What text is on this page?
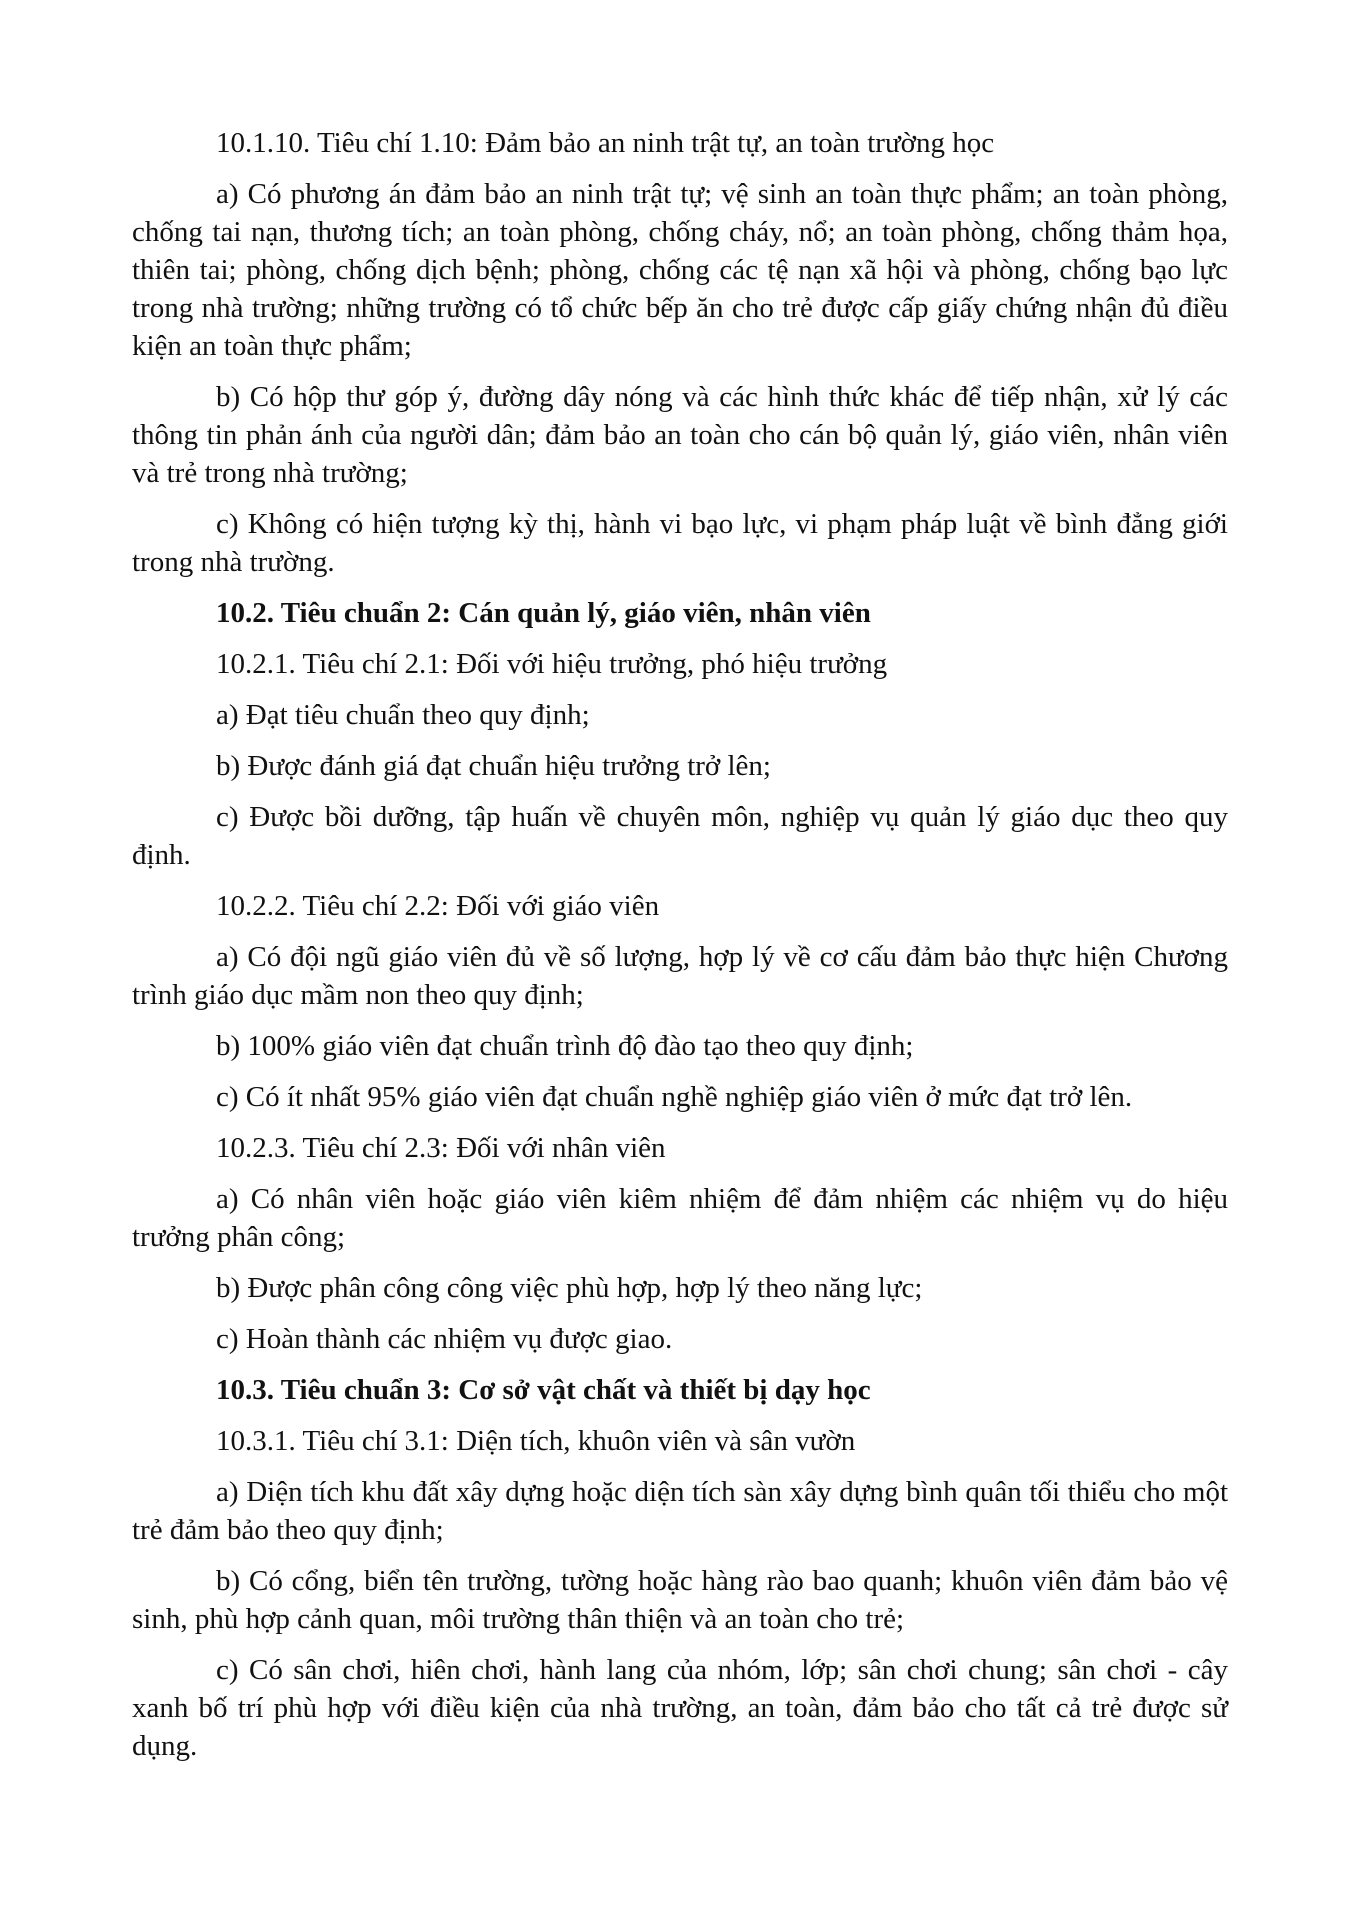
10.1.10. Tiêu chí 1.10: Đảm bảo an ninh trật tự, an toàn trường học

a) Có phương án đảm bảo an ninh trật tự; vệ sinh an toàn thực phẩm; an toàn phòng, chống tai nạn, thương tích; an toàn phòng, chống cháy, nổ; an toàn phòng, chống thảm họa, thiên tai; phòng, chống dịch bệnh; phòng, chống các tệ nạn xã hội và phòng, chống bạo lực trong nhà trường; những trường có tổ chức bếp ăn cho trẻ được cấp giấy chứng nhận đủ điều kiện an toàn thực phẩm;

b) Có hộp thư góp ý, đường dây nóng và các hình thức khác để tiếp nhận, xử lý các thông tin phản ánh của người dân; đảm bảo an toàn cho cán bộ quản lý, giáo viên, nhân viên và trẻ trong nhà trường;

c) Không có hiện tượng kỳ thị, hành vi bạo lực, vi phạm pháp luật về bình đẳng giới trong nhà trường.

10.2. Tiêu chuẩn 2: Cán quản lý, giáo viên, nhân viên

10.2.1. Tiêu chí 2.1: Đối với hiệu trưởng, phó hiệu trưởng

a) Đạt tiêu chuẩn theo quy định;

b) Được đánh giá đạt chuẩn hiệu trưởng trở lên;

c) Được bồi dưỡng, tập huấn về chuyên môn, nghiệp vụ quản lý giáo dục theo quy định.

10.2.2. Tiêu chí 2.2: Đối với giáo viên

a) Có đội ngũ giáo viên đủ về số lượng, hợp lý về cơ cấu đảm bảo thực hiện Chương trình giáo dục mầm non theo quy định;

b) 100% giáo viên đạt chuẩn trình độ đào tạo theo quy định;

c) Có ít nhất 95% giáo viên đạt chuẩn nghề nghiệp giáo viên ở mức đạt trở lên.

10.2.3. Tiêu chí 2.3: Đối với nhân viên

a) Có nhân viên hoặc giáo viên kiêm nhiệm để đảm nhiệm các nhiệm vụ do hiệu trưởng phân công;

b) Được phân công công việc phù hợp, hợp lý theo năng lực;

c) Hoàn thành các nhiệm vụ được giao.

10.3. Tiêu chuẩn 3: Cơ sở vật chất và thiết bị dạy học

10.3.1. Tiêu chí 3.1: Diện tích, khuôn viên và sân vườn

a) Diện tích khu đất xây dựng hoặc diện tích sàn xây dựng bình quân tối thiểu cho một trẻ đảm bảo theo quy định;

b) Có cổng, biển tên trường, tường hoặc hàng rào bao quanh; khuôn viên đảm bảo vệ sinh, phù hợp cảnh quan, môi trường thân thiện và an toàn cho trẻ;

c) Có sân chơi, hiên chơi, hành lang của nhóm, lớp; sân chơi chung; sân chơi - cây xanh bố trí phù hợp với điều kiện của nhà trường, an toàn, đảm bảo cho tất cả trẻ được sử dụng.
